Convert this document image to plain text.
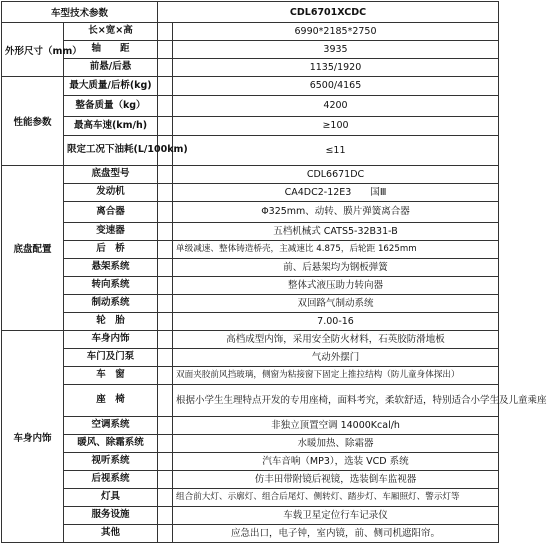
车型技术参数		CDL6701XCDC	
外形尺寸（mm）	长×宽×高		6990*2185*2750
	轴　　距		3935
	前悬/后悬		1135/1920
性能参数	最大质量/后桥(kg)		6500/4165
	整备质量（kg）		4200
	最高车速(km/h)		≥100
	限定工况下油耗(L/100km)		≤11
底盘配置	底盘型号		CDL6671DC
	发动机		CA4DC2-12E3　　国Ⅲ
	离合器		Φ325mm、动转、膜片弹簧离合器
	变速器		五档机械式 CATS5-32B31-B
	后　桥		单级减速、整体铸造桥壳，主减速比 4.875，后轮距 1625mm
	悬架系统		前、后悬架均为钢板弹簧
	转向系统		整体式液压助力转向器
	制动系统		双回路气制动系统
	轮　胎		7.00-16
车身内饰	车身内饰		高档成型内饰，采用安全防火材料，石英胶防滑地板
	车门及门泵		气动外摆门
	车　窗		双面夹胶前风挡玻璃，侧窗为粘接窗下固定上推拉结构（防儿童身体探出）
	座　椅		根据小学生生理特点开发的专用座椅，面料考究，柔软舒适，特别适合小学生及儿童乘座
	空调系统		非独立顶置空调 14000Kcal/h
	暖风、除霜系统		水暖加热、除霜器
	视听系统		汽车音响（MP3），选装 VCD 系统
	后视系统		仿丰田带附镜后视镜，选装倒车监视器
	灯具		组合前大灯、示廓灯、组合后尾灯、侧转灯、踏步灯、车厢照灯、警示灯等
	服务设施		车载卫星定位行车记录仪
	其他		应急出口，电子钟，室内镜，前、侧司机遮阳帘。
